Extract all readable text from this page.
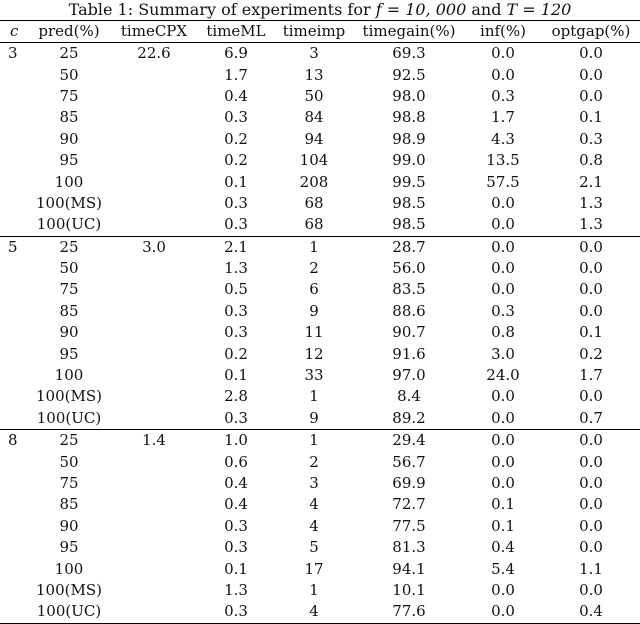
Table 1: Summary of experiments for f = 10, 000 and T = 120
c	pred(%)	timeCPX	timeML	timeimp	timegain(%)	inf(%)	optgap(%)
3	25	22.6	6.9	3	69.3	0.0	0.0
	50		1.7	13	92.5	0.0	0.0
	75		0.4	50	98.0	0.3	0.0
	85		0.3	84	98.8	1.7	0.1
	90		0.2	94	98.9	4.3	0.3
	95		0.2	104	99.0	13.5	0.8
	100		0.1	208	99.5	57.5	2.1
	100(MS)		0.3	68	98.5	0.0	1.3
	100(UC)		0.3	68	98.5	0.0	1.3
5	25	3.0	2.1	1	28.7	0.0	0.0
	50		1.3	2	56.0	0.0	0.0
	75		0.5	6	83.5	0.0	0.0
	85		0.3	9	88.6	0.3	0.0
	90		0.3	11	90.7	0.8	0.1
	95		0.2	12	91.6	3.0	0.2
	100		0.1	33	97.0	24.0	1.7
	100(MS)		2.8	1	8.4	0.0	0.0
	100(UC)		0.3	9	89.2	0.0	0.7
8	25	1.4	1.0	1	29.4	0.0	0.0
	50		0.6	2	56.7	0.0	0.0
	75		0.4	3	69.9	0.0	0.0
	85		0.4	4	72.7	0.1	0.0
	90		0.3	4	77.5	0.1	0.0
	95		0.3	5	81.3	0.4	0.0
	100		0.1	17	94.1	5.4	1.1
	100(MS)		1.3	1	10.1	0.0	0.0
	100(UC)		0.3	4	77.6	0.0	0.4
